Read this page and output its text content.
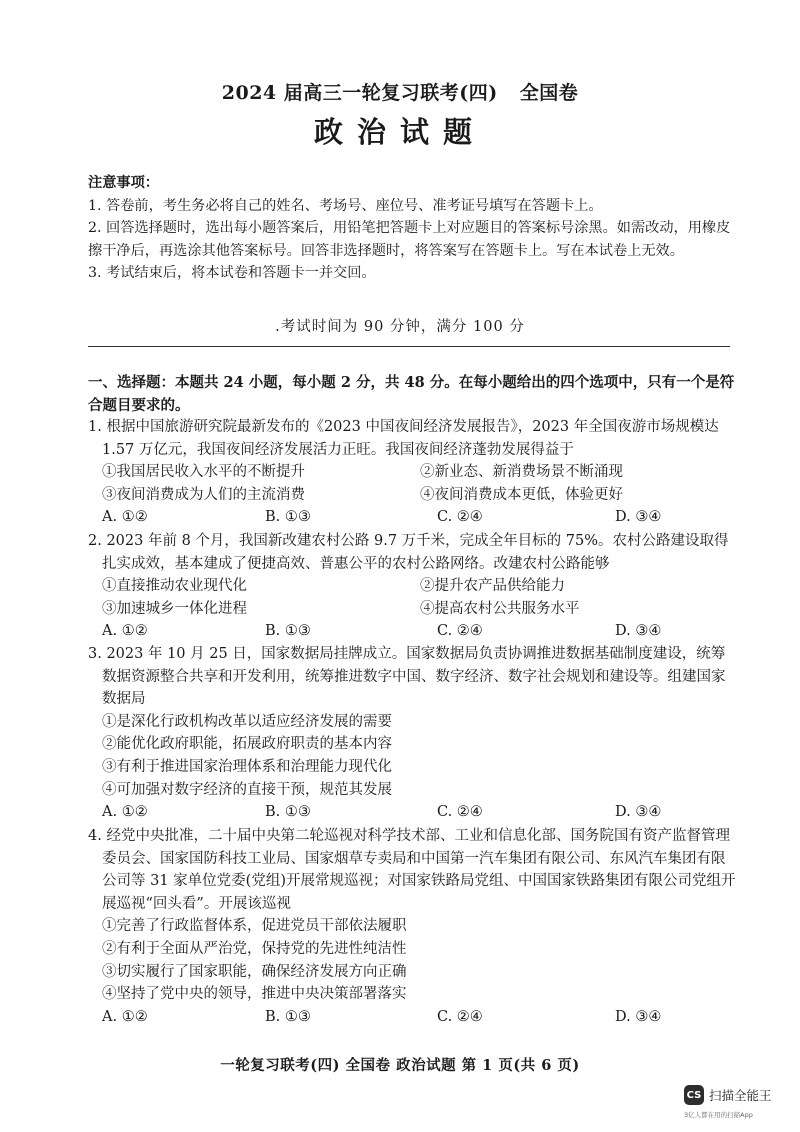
2024 届高三一轮复习联考(四) 全国卷
政治试题
注意事项：
1. 答卷前，考生务必将自己的姓名、考场号、座位号、准考证号填写在答题卡上。
2. 回答选择题时，选出每小题答案后，用铅笔把答题卡上对应题目的答案标号涂黑。如需改动，用橡皮擦干净后，再选涂其他答案标号。回答非选择题时，将答案写在答题卡上。写在本试卷上无效。
3. 考试结束后，将本试卷和答题卡一并交回。
.考试时间为 90 分钟，满分 100 分
一、选择题：本题共 24 小题，每小题 2 分，共 48 分。在每小题给出的四个选项中，只有一个是符合题目要求的。
1. 根据中国旅游研究院最新发布的《2023 中国夜间经济发展报告》，2023 年全国夜游市场规模达 1.57 万亿元，我国夜间经济发展活力正旺。我国夜间经济蓬勃发展得益于
①我国居民收入水平的不断提升	②新业态、新消费场景不断涌现
③夜间消费成为人们的主流消费	④夜间消费成本更低，体验更好
A. ①②	B. ①③	C. ②④	D. ③④
2. 2023 年前 8 个月，我国新改建农村公路 9.7 万千米，完成全年目标的 75%。农村公路建设取得扎实成效，基本建成了便捷高效、普惠公平的农村公路网络。改建农村公路能够
①直接推动农业现代化	②提升农产品供给能力
③加速城乡一体化进程	④提高农村公共服务水平
A. ①②	B. ①③	C. ②④	D. ③④
3. 2023 年 10 月 25 日，国家数据局挂牌成立。国家数据局负责协调推进数据基础制度建设，统筹数据资源整合共享和开发利用，统筹推进数字中国、数字经济、数字社会规划和建设等。组建国家数据局
①是深化行政机构改革以适应经济发展的需要
②能优化政府职能，拓展政府职责的基本内容
③有利于推进国家治理体系和治理能力现代化
④可加强对数字经济的直接干预，规范其发展
A. ①②	B. ①③	C. ②④	D. ③④
4. 经党中央批准，二十届中央第二轮巡视对科学技术部、工业和信息化部、国务院国有资产监督管理委员会、国家国防科技工业局、国家烟草专卖局和中国第一汽车集团有限公司、东风汽车集团有限公司等 31 家单位党委(党组)开展常规巡视；对国家铁路局党组、中国国家铁路集团有限公司党组开展巡视“回头看”。开展该巡视
①完善了行政监督体系，促进党员干部依法履职
②有利于全面从严治党，保持党的先进性纯洁性
③切实履行了国家职能，确保经济发展方向正确
④坚持了党中央的领导，推进中央决策部署落实
A. ①②	B. ①③	C. ②④	D. ③④
一轮复习联考(四) 全国卷 政治试题 第 1 页(共 6 页)
CS 扫描全能王
3亿人都在用的扫描App
